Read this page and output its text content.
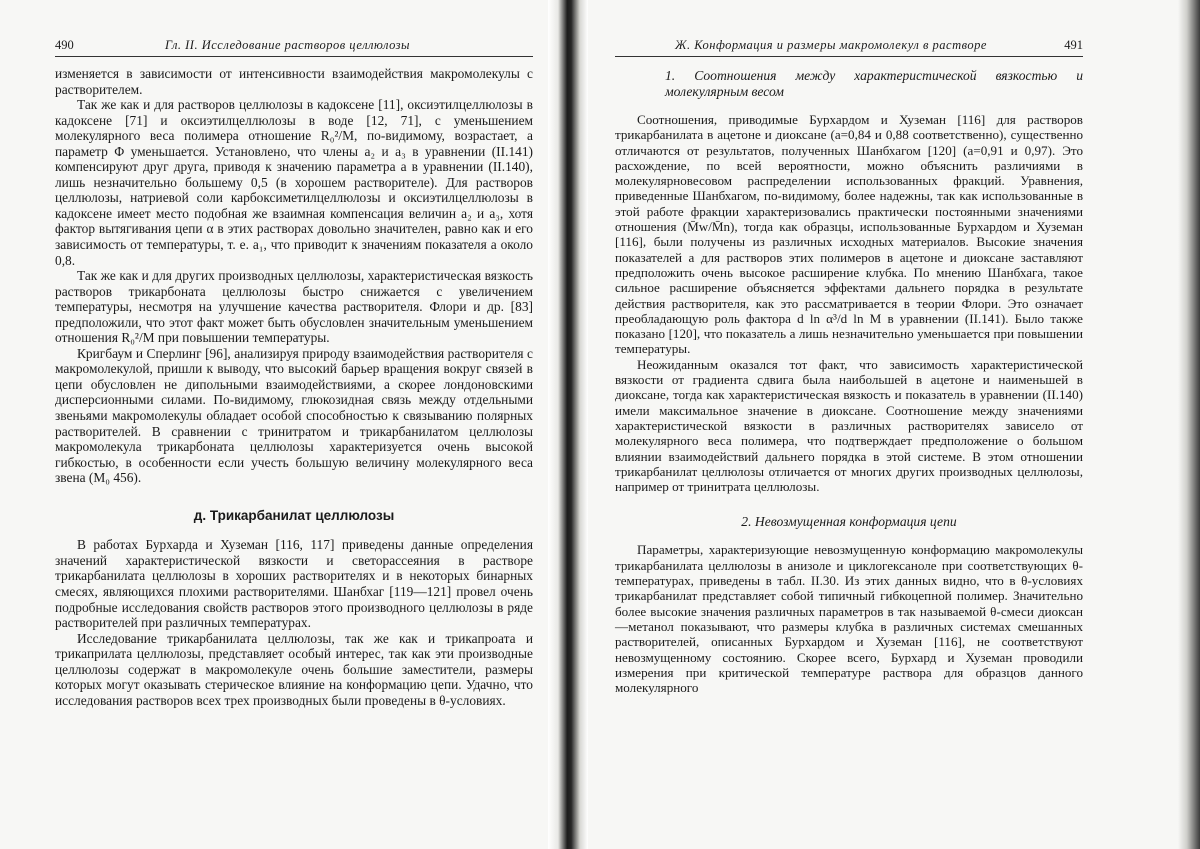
490	Гл. II. Исследование растворов целлюлозы

изменяется в зависимости от интенсивности взаимодействия макромолекулы с растворителем.

Так же как и для растворов целлюлозы в кадоксене [11], оксиэтилцеллюлозы в кадоксене [71] и оксиэтилцеллюлозы в воде [12, 71], с уменьшением молекулярного веса полимера отношение R₀²/M, по-видимому, возрастает, а параметр Φ уменьшается. Установлено, что члены a₂ и a₃ в уравнении (II.141) компенсируют друг друга, приводя к значению параметра a в уравнении (II.140), лишь незначительно большему 0,5 (в хорошем растворителе). Для растворов целлюлозы, натриевой соли карбоксиметилцеллюлозы и оксиэтилцеллюлозы в кадоксене имеет место подобная же взаимная компенсация величин a₂ и a₃, хотя фактор вытягивания цепи α в этих растворах довольно значителен, равно как и его зависимость от температуры, т. е. a₁, что приводит к значениям показателя a около 0,8.

Так же как и для других производных целлюлозы, характеристическая вязкость растворов трикарбоната целлюлозы быстро снижается с увеличением температуры, несмотря на улучшение качества растворителя. Флори и др. [83] предположили, что этот факт может быть обусловлен значительным уменьшением отношения R₀²/M при повышении температуры.

Кригбаум и Сперлинг [96], анализируя природу взаимодействия растворителя с макромолекулой, пришли к выводу, что высокий барьер вращения вокруг связей в цепи обусловлен не дипольными взаимодействиями, а скорее лондоновскими дисперсионными силами. По-видимому, глюкозидная связь между отдельными звеньями макромолекулы обладает особой способностью к связыванию полярных растворителей. В сравнении с тринитратом и трикарбанилатом целлюлозы макромолекула трикарбоната целлюлозы характеризуется очень высокой гибкостью, в особенности если учесть большую величину молекулярного веса звена (M₀ 456).

д. Трикарбанилат целлюлозы

В работах Бурхарда и Хуземан [116, 117] приведены данные определения значений характеристической вязкости и светорассеяния в растворе трикарбанилата целлюлозы в хороших растворителях и в некоторых бинарных смесях, являющихся плохими растворителями. Шанбхаг [119—121] провел очень подробные исследования свойств растворов этого производного целлюлозы в ряде растворителей при различных температурах.

Исследование трикарбанилата целлюлозы, так же как и трикапроата и трикаприлата целлюлозы, представляет особый интерес, так как эти производные целлюлозы содержат в макромолекуле очень большие заместители, размеры которых могут оказывать стерическое влияние на конформацию цепи. Удачно, что исследования растворов всех трех производных были проведены в θ-условиях.

Ж. Конформация и размеры макромолекул в растворе	491
1. Соотношения между характеристической вязкостью и молекулярным весом

Соотношения, приводимые Бурхардом и Хуземан [116] для растворов трикарбанилата в ацетоне и диоксане (a=0,84 и 0,88 соответственно), существенно отличаются от результатов, полученных Шанбхагом [120] (a=0,91 и 0,97). Это расхождение, по всей вероятности, можно объяснить различиями в молекулярновесовом распределении использованных фракций. Уравнения, приведенные Шанбхагом, по-видимому, более надежны, так как использованные в этой работе фракции характеризовались практически постоянными значениями отношения (M̄w/M̄n), тогда как образцы, использованные Бурхардом и Хуземан [116], были получены из различных исходных материалов. Высокие значения показателей a для растворов этих полимеров в ацетоне и диоксане заставляют предположить очень высокое расширение клубка. По мнению Шанбхага, такое сильное расширение объясняется эффектами дальнего порядка в результате действия растворителя, как это рассматривается в теории Флори. Это означает преобладающую роль фактора d ln α³/d ln M в уравнении (II.141). Было также показано [120], что показатель a лишь незначительно уменьшается при повышении температуры.

Неожиданным оказался тот факт, что зависимость характеристической вязкости от градиента сдвига была наибольшей в ацетоне и наименьшей в диоксане, тогда как характеристическая вязкость и показатель в уравнении (II.140) имели максимальное значение в диоксане. Соотношение между значениями характеристической вязкости в различных растворителях зависело от молекулярного веса полимера, что подтверждает предположение о большом влиянии взаимодействий дальнего порядка в этой системе. В этом отношении трикарбанилат целлюлозы отличается от многих других производных целлюлозы, например от тринитрата целлюлозы.

2. Невозмущенная конформация цепи

Параметры, характеризующие невозмущенную конформацию макромолекулы трикарбанилата целлюлозы в анизоле и циклогексаноле при соответствующих θ-температурах, приведены в табл. II.30. Из этих данных видно, что в θ-условиях трикарбанилат представляет собой типичный гибкоцепной полимер. Значительно более высокие значения различных параметров в так называемой θ-смеси диоксан—метанол показывают, что размеры клубка в различных системах смешанных растворителей, описанных Бурхардом и Хуземан [116], не соответствуют невозмущенному состоянию. Скорее всего, Бурхард и Хуземан проводили измерения при критической температуре раствора для образцов данного молекулярного
